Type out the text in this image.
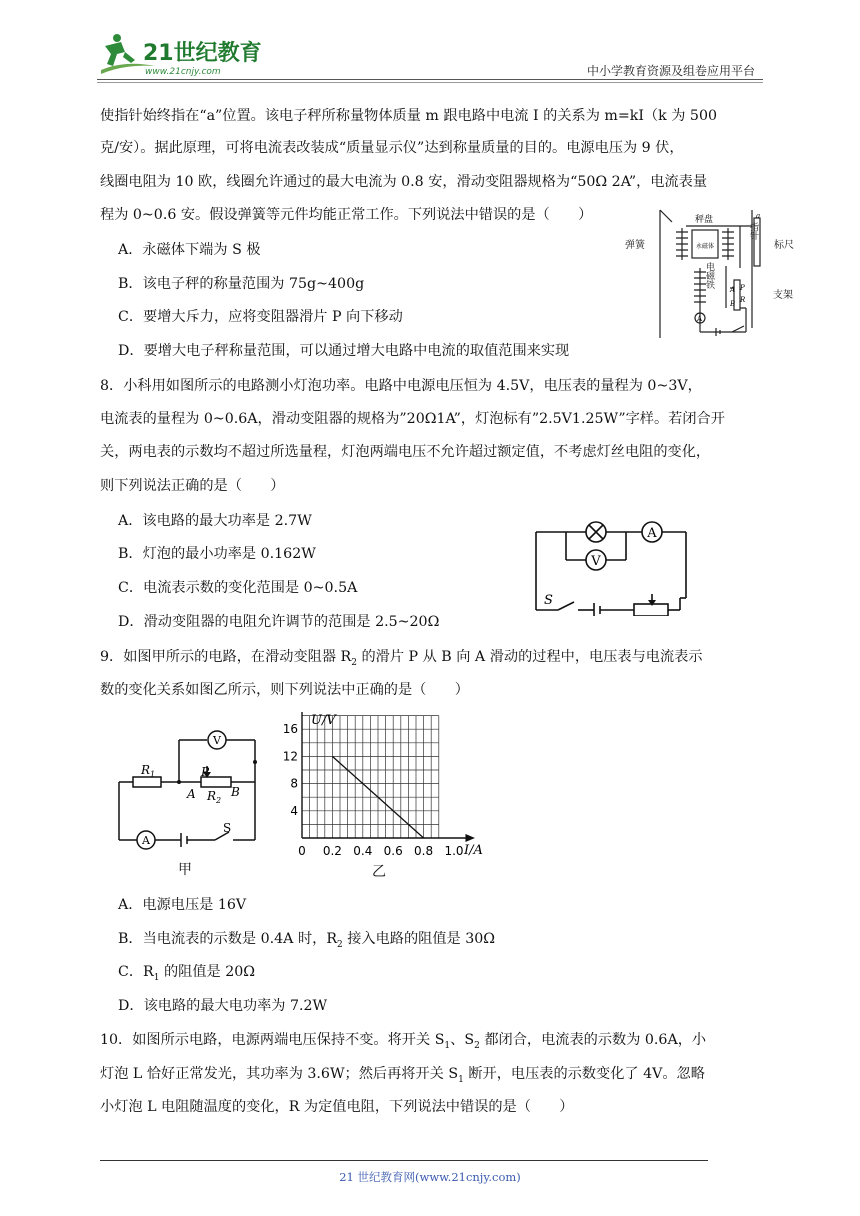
21世纪教育
www.21cnjy.com	中小学教育资源及组卷应用平台
使指针始终指在“a”位置。该电子秤所称量物体质量 m 跟电路中电流 I 的关系为 m=kI（k 为 500
克/安）。据此原理，可将电流表改装成“质量显示仪”达到称量质量的目的。电源电压为 9 伏，
线圈电阻为 10 欧，线圈允许通过的最大电流为 0.8 安，滑动变阻器规格为“50Ω 2A”，电流表量
程为 0~0.6 安。假设弹簧等元件均能正常工作。下列说法中错误的是（　　）
A．永磁体下端为 S 极
B．该电子秤的称量范围为 75g~400g
C．要增大斥力，应将变阻器滑片 P 向下移动
D．要增大电子秤称量范围，可以通过增大电路中电流的取值范围来实现
秤盘
永磁体
A
B
P
R
a
A
弹簧	标尺
电磁铁
支架
指针
8．小科用如图所示的电路测小灯泡功率。电路中电源电压恒为 4.5V，电压表的量程为 0~3V，
电流表的量程为 0~0.6A，滑动变阻器的规格为”20Ω1A”，灯泡标有”2.5V1.25W”字样。若闭合开
关，两电表的示数均不超过所选量程，灯泡两端电压不允许超过额定值，不考虑灯丝电阻的变化，
则下列说法正确的是（　　）
A．该电路的最大功率是 2.7W
B．灯泡的最小功率是 0.162W
C．电流表示数的变化范围是 0~0.5A
D．滑动变阻器的电阻允许调节的范围是 2.5~20Ω
A
V
S
9．如图甲所示的电路，在滑动变阻器 $R_2$ 的滑片 P 从 B 向 A 滑动的过程中，电压表与电流表示
数的变化关系如图乙所示，则下列说法中正确的是（　　）
V
A
$R_1$	P
A	B
$R_2$
S
甲
0 0.2 0.4 0.6 0.8 1.0
4
8
12
16
U/V
I/A
乙
A．电源电压是 16V
B．当电流表的示数是 0.4A 时，$R_2$ 接入电路的阻值是 30Ω
C．$R_1$ 的阻值是 20Ω
D．该电路的最大电功率为 7.2W
10．如图所示电路，电源两端电压保持不变。将开关 $S_1$、$S_2$ 都闭合，电流表的示数为 0.6A，小
灯泡 L 恰好正常发光，其功率为 3.6W；然后再将开关 $S_1$ 断开，电压表的示数变化了 4V。忽略
小灯泡 L 电阻随温度的变化，R 为定值电阻，下列说法中错误的是（　　）
21 世纪教育网(www.21cnjy.com)
